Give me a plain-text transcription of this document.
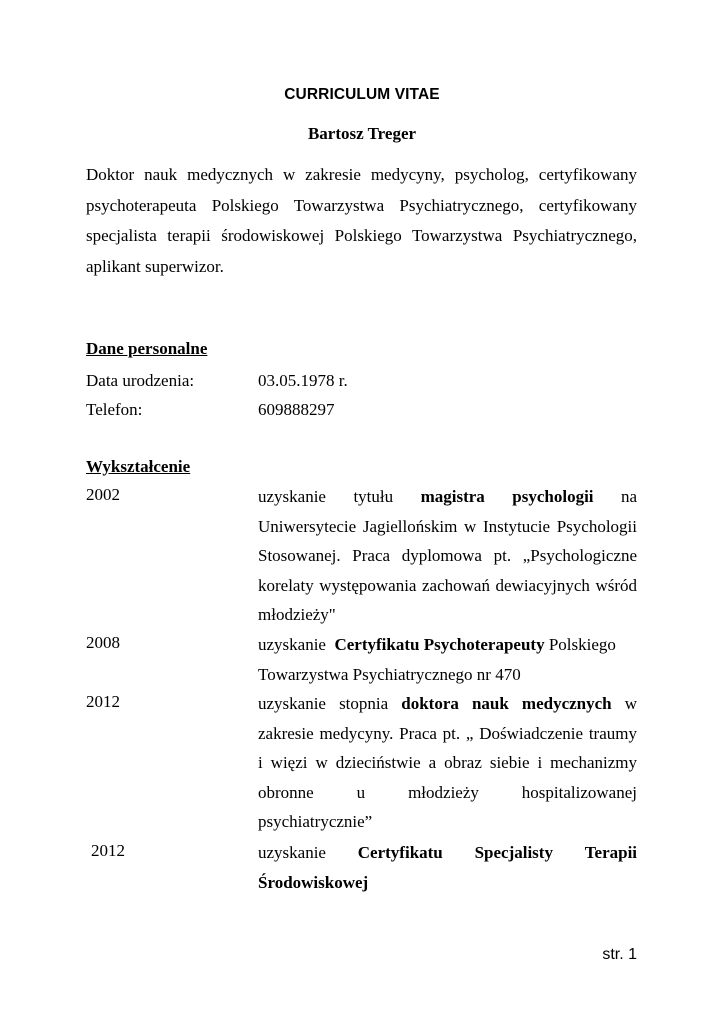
CURRICULUM VITAE
Bartosz Treger
Doktor nauk medycznych w zakresie medycyny, psycholog, certyfikowany
psychoterapeuta Polskiego Towarzystwa Psychiatrycznego, certyfikowany
specjalista terapii środowiskowej Polskiego Towarzystwa Psychiatrycznego,
aplikant superwizor.
Dane personalne
Data urodzenia:	03.05.1978 r.
Telefon:	609888297
Wykształcenie
2002	uzyskanie tytułu magistra psychologii na
Uniwersytecie Jagiellońskim w Instytucie Psychologii
Stosowanej. Praca dyplomowa pt. „Psychologiczne
korelaty występowania zachowań dewiacyjnych wśród
młodzieży"
2008	uzyskanie Certyfikatu Psychoterapeuty Polskiego
Towarzystwa Psychiatrycznego nr 470
2012	uzyskanie stopnia doktora nauk medycznych w
zakresie medycyny. Praca pt. „ Doświadczenie traumy
i więzi w dzieciństwie a obraz siebie i mechanizmy
obronne u młodzieży hospitalizowanej
psychiatrycznie”
2012	uzyskanie Certyfikatu Specjalisty Terapii
Środowiskowej
str. 1
